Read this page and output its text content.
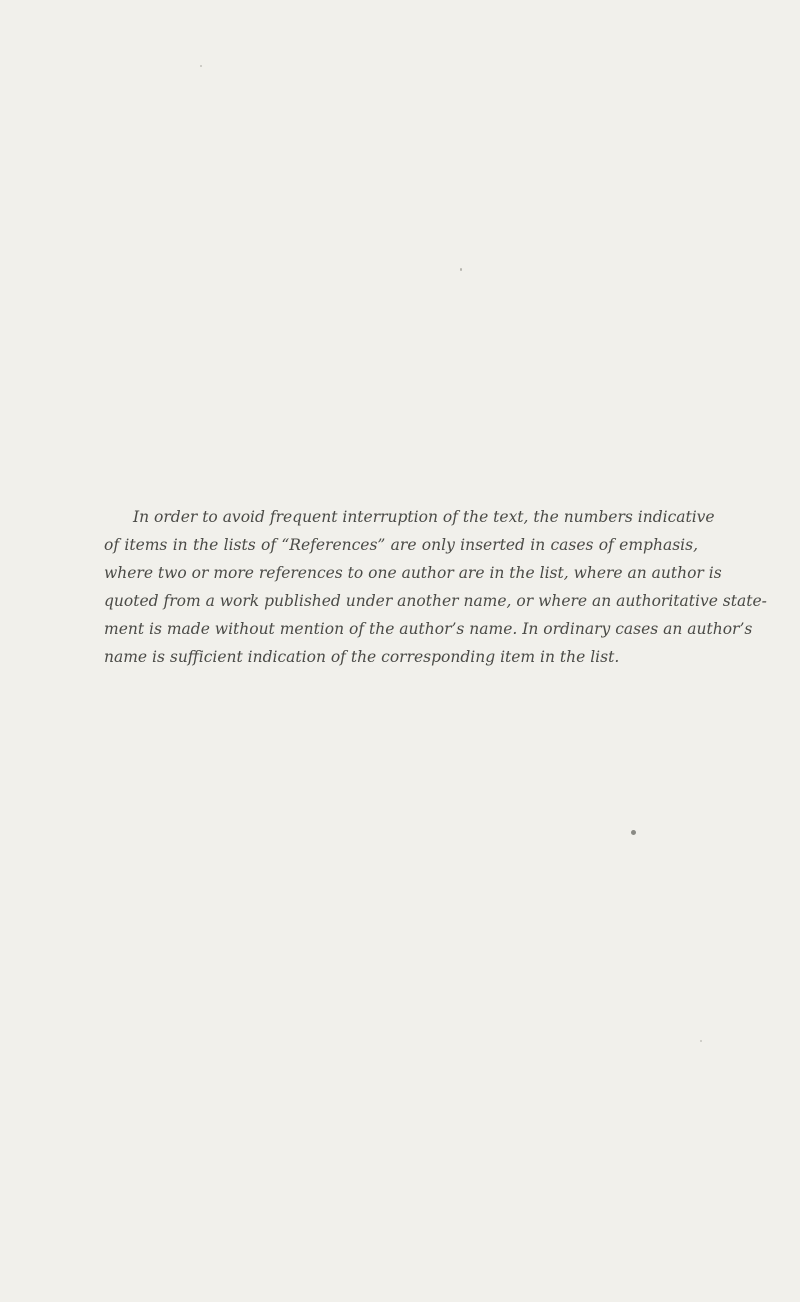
In order to avoid frequent interruption of the text, the numbers indicative
of items in the lists of “References” are only inserted in cases of emphasis,
where two or more references to one author are in the list, where an author is
quoted from a work published under another name, or where an authoritative state-
ment is made without mention of the author’s name. In ordinary cases an author’s
name is sufficient indication of the corresponding item in the list.
